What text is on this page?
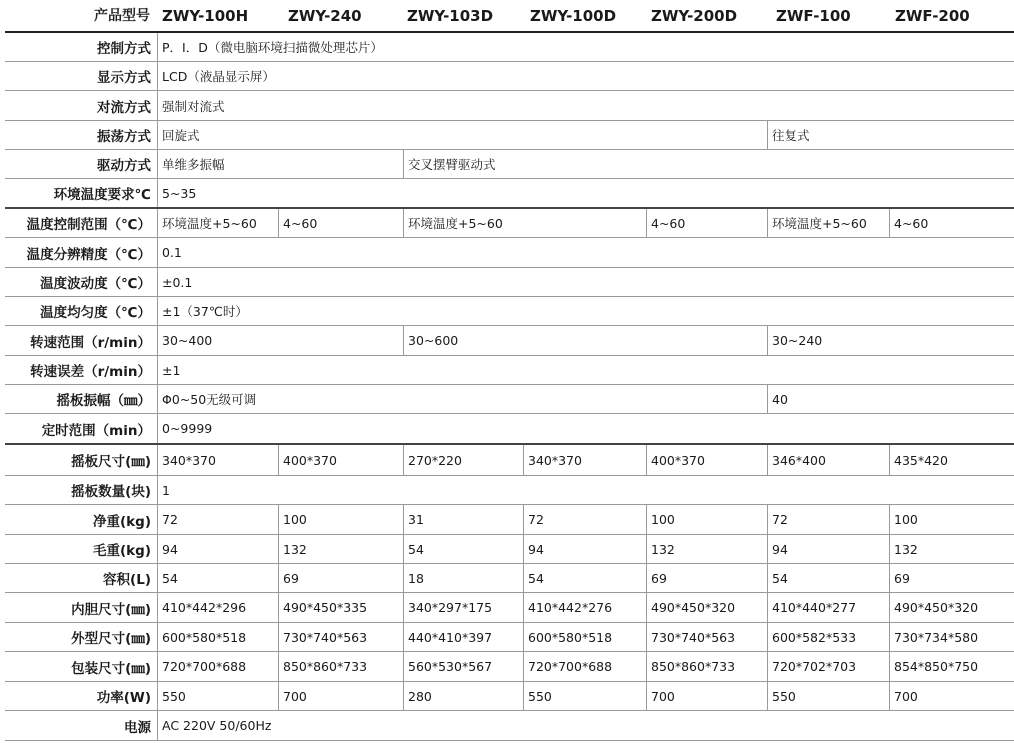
产品型号 ZWY-100H	ZWY-240	ZWY-103D ZWY-100D ZWY-200D	ZWF-100	ZWF-200
控制方式 P．I．D（微电脑环境扫描微处理芯片）
显示方式 LCD（液晶显示屏）
对流方式 强制对流式
振荡方式 回旋式	往复式
驱动方式 单维多振幅	交叉摆臂驱动式
环境温度要求℃ 5~35
温度控制范围（℃） 环境温度+5~60	4~60	环境温度+5~60	4~60	环境温度+5~60	4~60
温度分辨精度（℃） 0.1
温度波动度（℃） ±0.1
温度均匀度（℃） ±1（37℃时）
转速范围（r/min） 30~400	30~600	30~240
转速误差（r/min） ±1
摇板振幅（㎜） Φ0~50无级可调	40
定时范围（min） 0~9999
摇板尺寸(㎜) 340*370	400*370	270*220	340*370	400*370	346*400	435*420
摇板数量(块) 1
净重(kg) 72	100	31	72	100	72	100
毛重(kg) 94	132	54	94	132	94	132
容积(L) 54	69	18	54	69	54	69
内胆尺寸(㎜) 410*442*296	490*450*335	340*297*175	410*442*276	490*450*320	410*440*277	490*450*320
外型尺寸(㎜) 600*580*518	730*740*563	440*410*397	600*580*518	730*740*563	600*582*533	730*734*580
包装尺寸(㎜) 720*700*688	850*860*733	560*530*567	720*700*688	850*860*733	720*702*703	854*850*750
功率(W) 550	700	280	550	700	550	700
电源 AC 220V 50/60Hz
